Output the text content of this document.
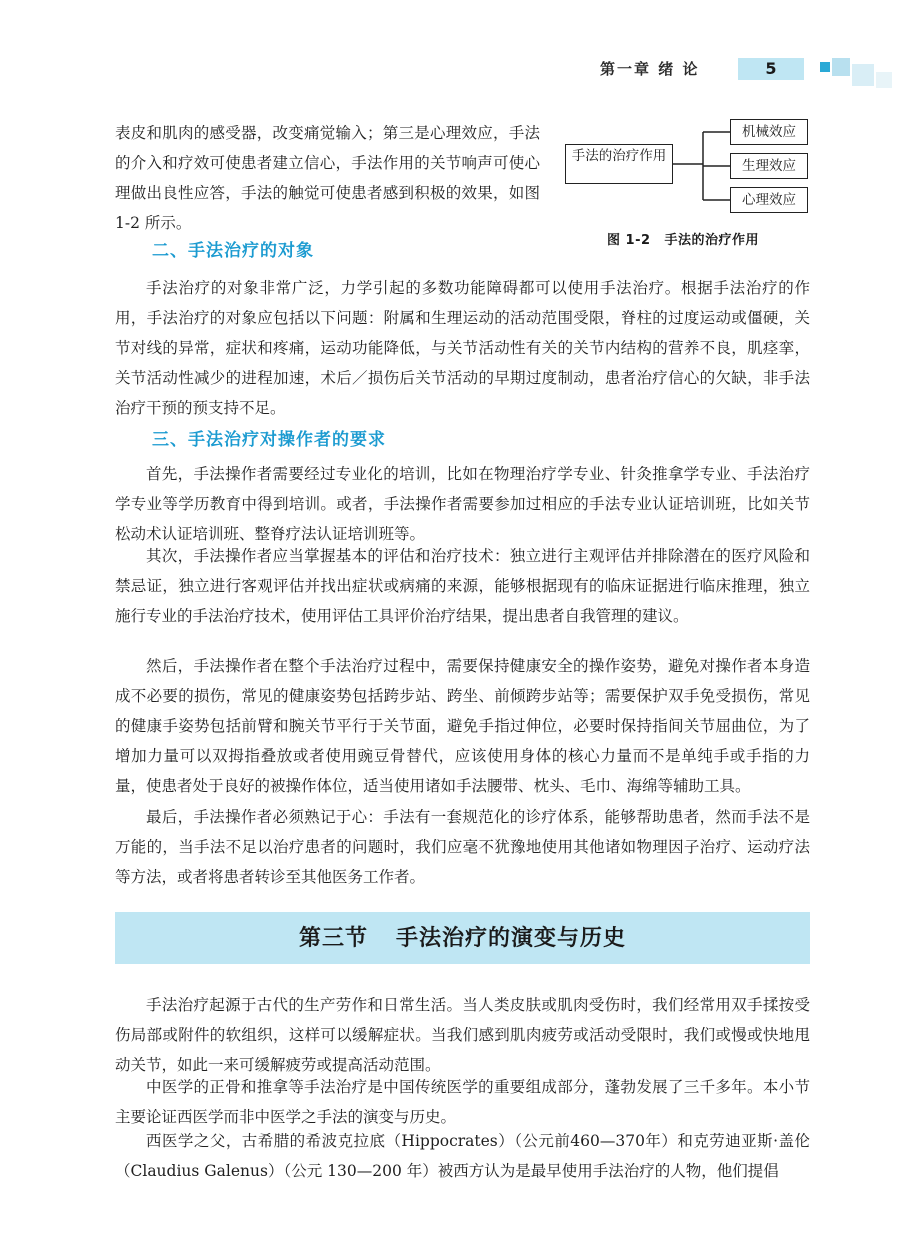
第一章 绪 论	5
表皮和肌肉的感受器，改变痛觉输入；第三是心理效应，手法的介入和疗效可使患者建立信心，手法作用的关节响声可使心理做出良性应答，手法的触觉可使患者感到积极的效果，如图 1-2 所示。
手法的治疗作用
机械效应
生理效应
心理效应
图 1-2 手法的治疗作用
二、手法治疗的对象
手法治疗的对象非常广泛，力学引起的多数功能障碍都可以使用手法治疗。根据手法治疗的作用，手法治疗的对象应包括以下问题：附属和生理运动的活动范围受限，脊柱的过度运动或僵硬，关节对线的异常，症状和疼痛，运动功能降低，与关节活动性有关的关节内结构的营养不良，肌痉挛，关节活动性减少的进程加速，术后／损伤后关节活动的早期过度制动，患者治疗信心的欠缺，非手法治疗干预的预支持不足。
三、手法治疗对操作者的要求
首先，手法操作者需要经过专业化的培训，比如在物理治疗学专业、针灸推拿学专业、手法治疗学专业等学历教育中得到培训。或者，手法操作者需要参加过相应的手法专业认证培训班，比如关节松动术认证培训班、整脊疗法认证培训班等。
其次，手法操作者应当掌握基本的评估和治疗技术：独立进行主观评估并排除潜在的医疗风险和禁忌证，独立进行客观评估并找出症状或病痛的来源，能够根据现有的临床证据进行临床推理，独立施行专业的手法治疗技术，使用评估工具评价治疗结果，提出患者自我管理的建议。
然后，手法操作者在整个手法治疗过程中，需要保持健康安全的操作姿势，避免对操作者本身造成不必要的损伤，常见的健康姿势包括跨步站、跨坐、前倾跨步站等；需要保护双手免受损伤，常见的健康手姿势包括前臂和腕关节平行于关节面，避免手指过伸位，必要时保持指间关节屈曲位，为了增加力量可以双拇指叠放或者使用豌豆骨替代，应该使用身体的核心力量而不是单纯手或手指的力量，使患者处于良好的被操作体位，适当使用诸如手法腰带、枕头、毛巾、海绵等辅助工具。
最后，手法操作者必须熟记于心：手法有一套规范化的诊疗体系，能够帮助患者，然而手法不是万能的，当手法不足以治疗患者的问题时，我们应毫不犹豫地使用其他诸如物理因子治疗、运动疗法等方法，或者将患者转诊至其他医务工作者。
第三节 手法治疗的演变与历史
手法治疗起源于古代的生产劳作和日常生活。当人类皮肤或肌肉受伤时，我们经常用双手揉按受伤局部或附件的软组织，这样可以缓解症状。当我们感到肌肉疲劳或活动受限时，我们或慢或快地甩动关节，如此一来可缓解疲劳或提高活动范围。
中医学的正骨和推拿等手法治疗是中国传统医学的重要组成部分，蓬勃发展了三千多年。本小节主要论证西医学而非中医学之手法的演变与历史。
西医学之父，古希腊的希波克拉底（Hippocrates）（公元前460—370年）和克劳迪亚斯·盖伦（Claudius Galenus）（公元 130—200 年）被西方认为是最早使用手法治疗的人物，他们提倡
